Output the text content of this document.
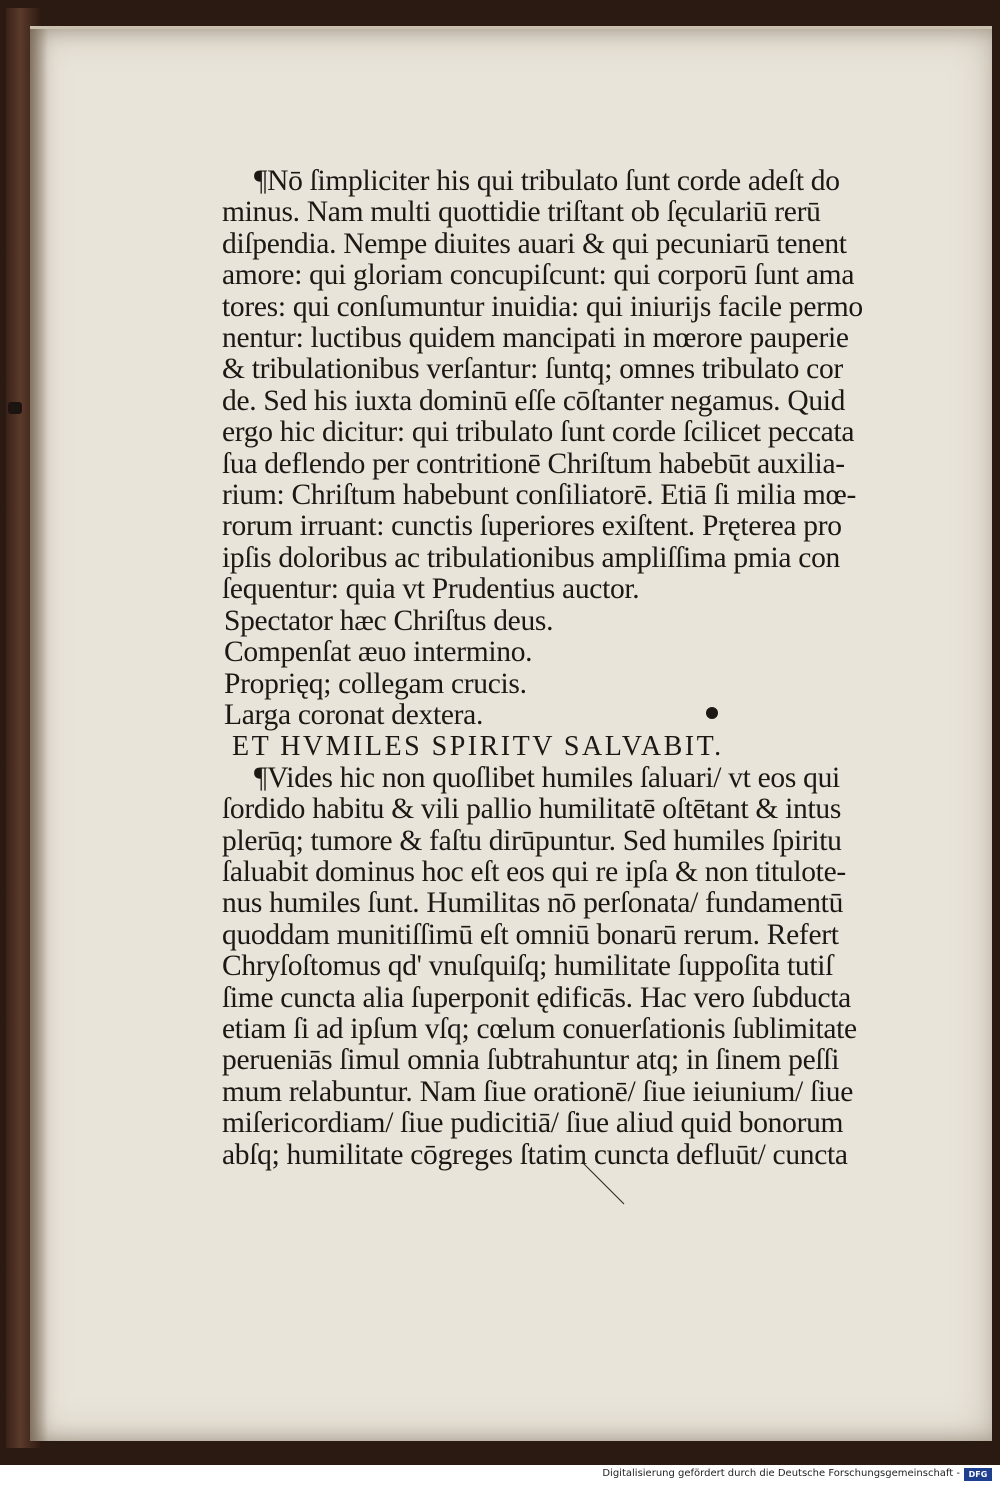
¶Nō ſimpliciter his qui tribulato ſunt corde adeſt do
minus. Nam multi quottidie triſtant ob ſęculariū rerū
diſpendia. Nempe diuites auari & qui pecuniarū tenent
amore: qui gloriam concupiſcunt: qui corporū ſunt ama
tores: qui conſumuntur inuidia: qui iniurijs facile permo
nentur: luctibus quidem mancipati in mœrore pauperie
& tribulationibus verſantur: ſuntq; omnes tribulato cor
de. Sed his iuxta dominū eſſe cōſtanter negamus. Quid
ergo hic dicitur: qui tribulato ſunt corde ſcilicet peccata
ſua deflendo per contritionē Chriſtum habebūt auxilia-
rium: Chriſtum habebunt conſiliatorē. Etiā ſi milia mœ-
rorum irruant: cunctis ſuperiores exiſtent. Pręterea pro
ipſis doloribus ac tribulationibus ampliſſima pmia con
ſequentur: quia vt Prudentius auctor.
Spectator hæc Chriſtus deus.
Compenſat æuo intermino.
Proprięq; collegam crucis.
Larga coronat dextera.
ET HVMILES SPIRITV SALVABIT.
¶Vides hic non quoſlibet humiles ſaluari/ vt eos qui
ſordido habitu & vili pallio humilitatē oſtētant & intus
plerūq; tumore & faſtu dirūpuntur. Sed humiles ſpiritu
ſaluabit dominus hoc eſt eos qui re ipſa & non titulote-
nus humiles ſunt. Humilitas nō perſonata/ fundamentū
quoddam munitiſſimū eſt omniū bonarū rerum. Refert
Chryſoſtomus qd' vnuſquiſq; humilitate ſuppoſita tutiſ
ſime cuncta alia ſuperponit ędificās. Hac vero ſubducta
etiam ſi ad ipſum vſq; cœlum conuerſationis ſublimitate
perueniās ſimul omnia ſubtrahuntur atq; in ſinem peſſi
mum relabuntur. Nam ſiue orationē/ ſiue ieiunium/ ſiue
miſericordiam/ ſiue pudicitiā/ ſiue aliud quid bonorum
abſq; humilitate cōgreges ſtatim cuncta defluūt/ cuncta
Digitalisierung gefördert durch die Deutsche Forschungsgemeinschaft -	DFG
